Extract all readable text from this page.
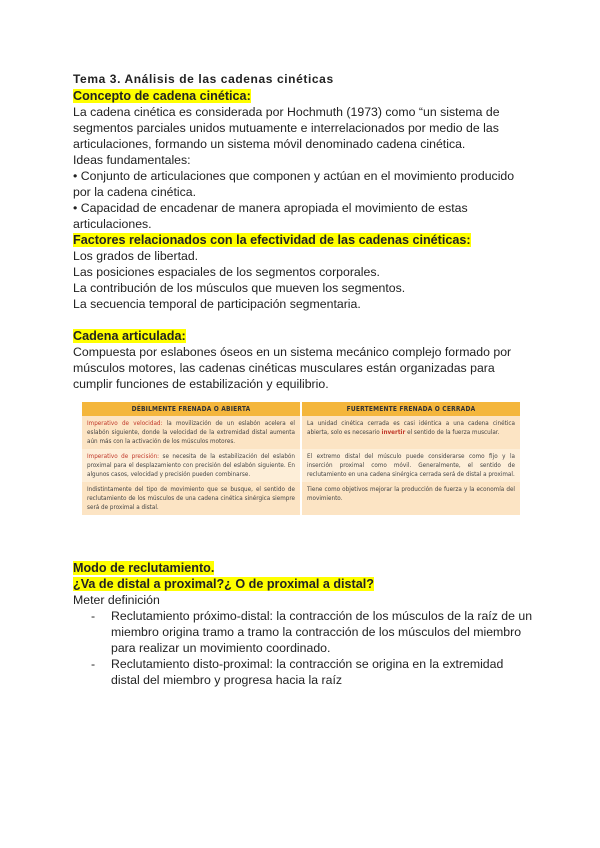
Tema 3. Análisis de las cadenas cinéticas
Concepto de cadena cinética:

La cadena cinética es considerada por Hochmuth (1973) como “un sistema de segmentos parciales unidos mutuamente e interrelacionados por medio de las articulaciones, formando un sistema móvil denominado cadena cinética.

Ideas fundamentales:

• Conjunto de articulaciones que componen y actúan en el movimiento producido por la cadena cinética.
• Capacidad de encadenar de manera apropiada el movimiento de estas articulaciones.
Factores relacionados con la efectividad de las cadenas cinéticas:

Los grados de libertad.

Las posiciones espaciales de los segmentos corporales.

La contribución de los músculos que mueven los segmentos.

La secuencia temporal de participación segmentaria.

Cadena articulada:

Compuesta por eslabones óseos en un sistema mecánico complejo formado por músculos motores, las cadenas cinéticas musculares están organizadas para cumplir funciones de estabilización y equilibrio.

DÉBILMENTE FRENADA O ABIERTA	FUERTEMENTE FRENADA O CERRADA
Imperativo de velocidad: la movilización de un eslabón acelera el eslabón siguiente, donde la velocidad de la extremidad distal aumenta aún más con la activación de los músculos motores.	La unidad cinética cerrada es casi idéntica a una cadena cinética abierta, solo es necesario invertir el sentido de la fuerza muscular.
Imperativo de precisión: se necesita de la estabilización del eslabón proximal para el desplazamiento con precisión del eslabón siguiente. En algunos casos, velocidad y precisión pueden combinarse.	El extremo distal del músculo puede considerarse como fijo y la inserción proximal como móvil. Generalmente, el sentido de reclutamiento en una cadena sinérgica cerrada será de distal a proximal.
Indistintamente del tipo de movimiento que se busque, el sentido de reclutamiento de los músculos de una cadena cinética sinérgica siempre será de proximal a distal.	Tiene como objetivos mejorar la producción de fuerza y la economía del movimiento.
Modo de reclutamiento.
¿Va de distal a proximal?¿ O de proximal a distal?

Meter definición

- Reclutamiento próximo-distal: la contracción de los músculos de la raíz de un miembro origina tramo a tramo la contracción de los músculos del miembro para realizar un movimiento coordinado.
- Reclutamiento disto-proximal: la contracción se origina en la extremidad distal del miembro y progresa hacia la raíz
